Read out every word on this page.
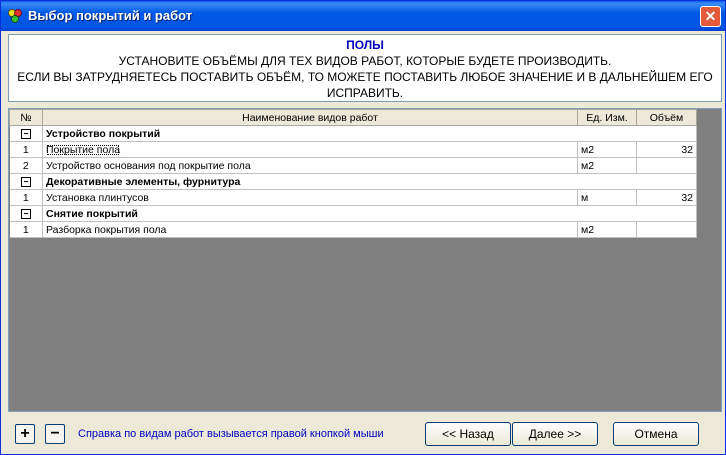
Выбор покрытий и работ	✕
ПОЛЫ
УСТАНОВИТЕ ОБЪЁМЫ ДЛЯ ТЕХ ВИДОВ РАБОТ, КОТОРЫЕ БУДЕТЕ ПРОИЗВОДИТЬ.
ЕСЛИ ВЫ ЗАТРУДНЯЕТЕСЬ ПОСТАВИТЬ ОБЪЁМ, ТО МОЖЕТЕ ПОСТАВИТЬ ЛЮБОЕ ЗНАЧЕНИЕ И В ДАЛЬНЕЙШЕМ ЕГО
ИСПРАВИТЬ.
№	Наименование видов работ	Ед. Изм.	Объём
	Устройство покрытий		
1	Покрытие пола	м2	32
2	Устройство основания под покрытие пола	м2	
	Декоративные элементы, фурнитура		
1	Установка плинтусов	м	32
	Снятие покрытий		
1	Разборка покрытия пола	м2	
+	−	Справка по видам работ вызывается правой кнопкой мыши	<< Назад	Далее >>	Отмена
